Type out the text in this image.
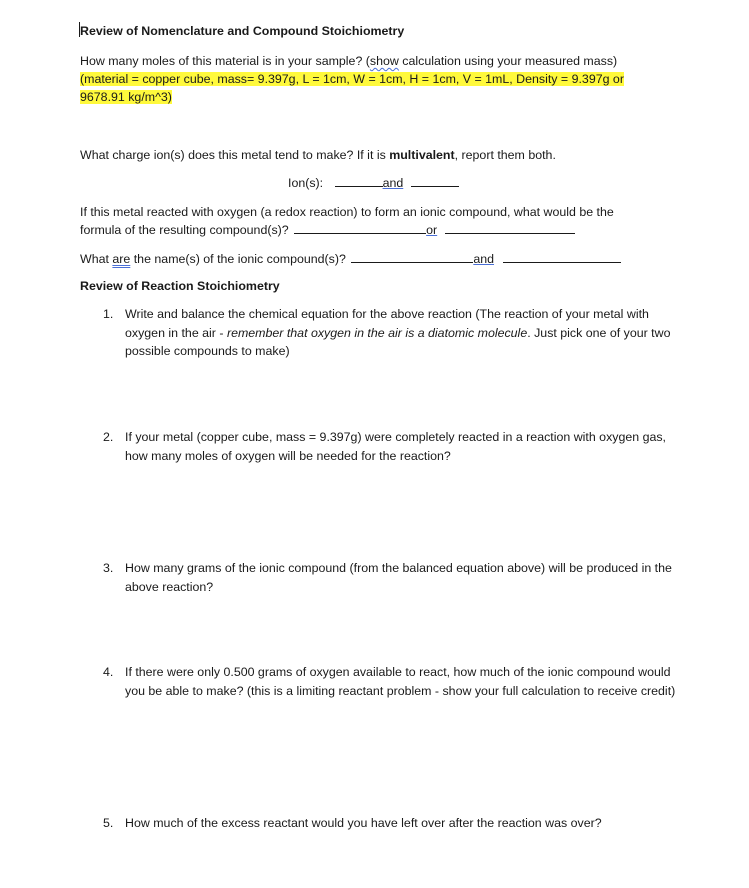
Review of Nomenclature and Compound Stoichiometry
How many moles of this material is in your sample? (show calculation using your measured mass)
(material = copper cube, mass= 9.397g, L = 1cm, W = 1cm, H = 1cm, V = 1mL, Density = 9.397g or
9678.91 kg/m^3)
What charge ion(s) does this metal tend to make? If it is multivalent, report them both.
Ion(s):	and
If this metal reacted with oxygen (a redox reaction) to form an ionic compound, what would be the
formula of the resulting compound(s)?	or
What are the name(s) of the ionic compound(s)?	and
Review of Reaction Stoichiometry
1. Write and balance the chemical equation for the above reaction (The reaction of your metal with oxygen in the air - remember that oxygen in the air is a diatomic molecule. Just pick one of your two possible compounds to make)
2. If your metal (copper cube, mass = 9.397g) were completely reacted in a reaction with oxygen gas, how many moles of oxygen will be needed for the reaction?
3. How many grams of the ionic compound (from the balanced equation above) will be produced in the above reaction?
4. If there were only 0.500 grams of oxygen available to react, how much of the ionic compound would you be able to make? (this is a limiting reactant problem - show your full calculation to receive credit)
5. How much of the excess reactant would you have left over after the reaction was over?
